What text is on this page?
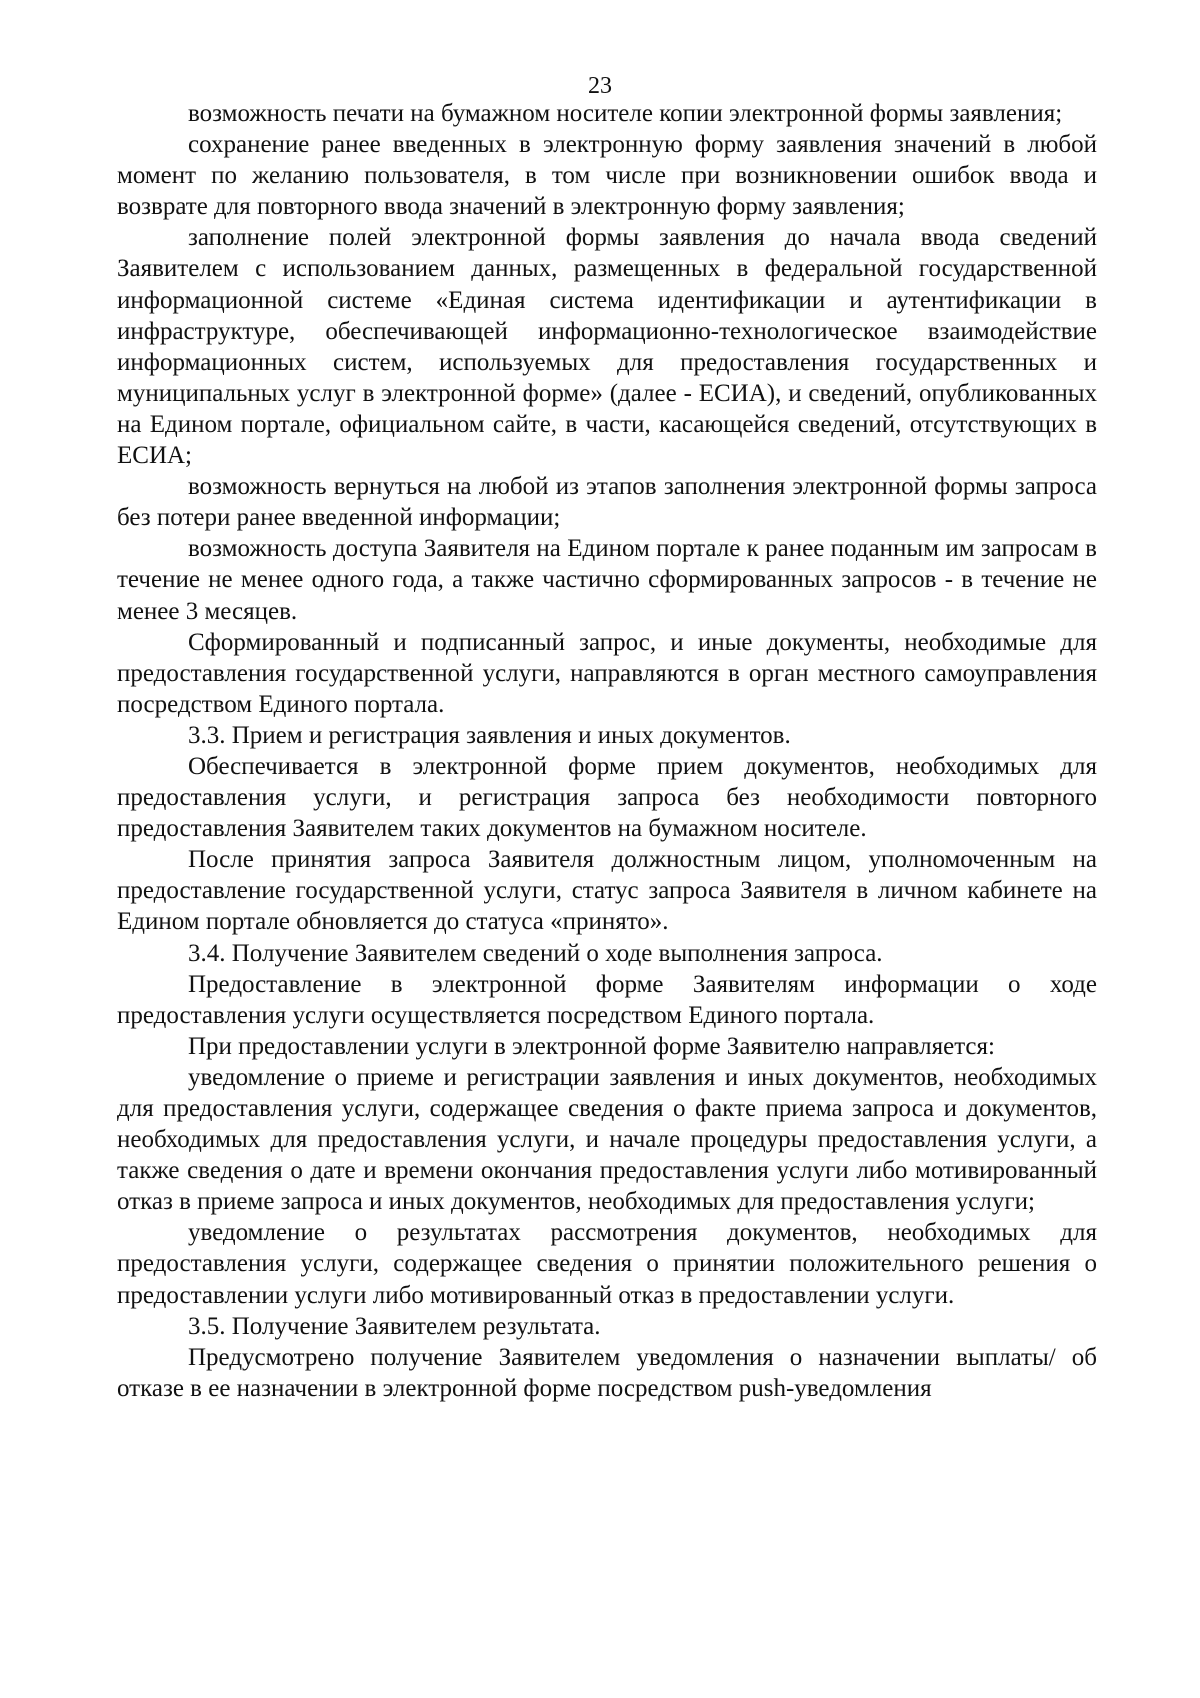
23

возможность печати на бумажном носителе копии электронной формы заявления;

сохранение ранее введенных в электронную форму заявления значений в любой момент по желанию пользователя, в том числе при возникновении ошибок ввода и возврате для повторного ввода значений в электронную форму заявления;

заполнение полей электронной формы заявления до начала ввода сведений Заявителем с использованием данных, размещенных в федеральной государственной информационной системе «Единая система идентификации и аутентификации в инфраструктуре, обеспечивающей информационно-технологическое взаимодействие информационных систем, используемых для предоставления государственных и муниципальных услуг в электронной форме» (далее - ЕСИА), и сведений, опубликованных на Едином портале, официальном сайте, в части, касающейся сведений, отсутствующих в ЕСИА;

возможность вернуться на любой из этапов заполнения электронной формы запроса без потери ранее введенной информации;

возможность доступа Заявителя на Едином портале к ранее поданным им запросам в течение не менее одного года, а также частично сформированных запросов - в течение не менее 3 месяцев.

Сформированный и подписанный запрос, и иные документы, необходимые для предоставления государственной услуги, направляются в орган местного самоуправления посредством Единого портала.

3.3. Прием и регистрация заявления и иных документов.

Обеспечивается в электронной форме прием документов, необходимых для предоставления услуги, и регистрация запроса без необходимости повторного предоставления Заявителем таких документов на бумажном носителе.

После принятия запроса Заявителя должностным лицом, уполномоченным на предоставление государственной услуги, статус запроса Заявителя в личном кабинете на Едином портале обновляется до статуса «принято».

3.4. Получение Заявителем сведений о ходе выполнения запроса.

Предоставление в электронной форме Заявителям информации о ходе предоставления услуги осуществляется посредством Единого портала.

При предоставлении услуги в электронной форме Заявителю направляется:

уведомление о приеме и регистрации заявления и иных документов, необходимых для предоставления услуги, содержащее сведения о факте приема запроса и документов, необходимых для предоставления услуги, и начале процедуры предоставления услуги, а также сведения о дате и времени окончания предоставления услуги либо мотивированный отказ в приеме запроса и иных документов, необходимых для предоставления услуги;

уведомление о результатах рассмотрения документов, необходимых для предоставления услуги, содержащее сведения о принятии положительного решения о предоставлении услуги либо мотивированный отказ в предоставлении услуги.

3.5. Получение Заявителем результата.

Предусмотрено получение Заявителем уведомления о назначении выплаты/ об отказе в ее назначении в электронной форме посредством push-уведомления
